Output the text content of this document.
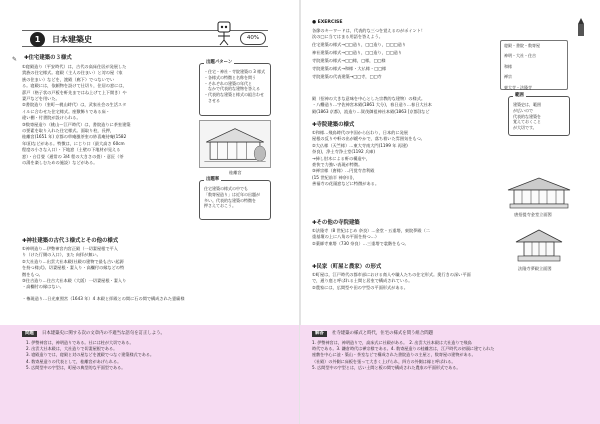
1	日本建築史	40%
✎ ✚住宅建築の３様式
①寝殿造り（平安時代）は，古代の高床住居が発展した
貴族の住宅様式。寝殿（主人の住まい）と対の屋（家
族の住まい）などを，渡殿（廊下）でつないでい
る。寝殿には，依頼物を設けて仕切り，住居の窓には，
蔀戸（格子状の戸板を軒先まではね上げて上下開き）や
妻戸などを用いた。
②書院造り（室町〜桃山時代）は，武家社会の生活スタ
イルに合わせた住宅様式。座敷飾りである床・
違い棚・付書院が設けられる。
③数寄屋造り（桃山〜江戸時代）は，書院造りに茶室建築
の要素を取り入れた住宅様式。面取り柱，長押，
桂離宮(1651 年) 京都の草庵風茶室の妙喜庵待庵(1582
年頃)などがある。特徴は，にじり口（最大高さ 60cm
程度の小さな入口）・下地窓（土壁の下地材が見える
窓）・台目畳（通常の 3/4 程の大きさの畳）・意匠（茶
の湯を楽しむための施設）などがある。
出題パターン
・住宅・神社・寺院建築の 3 様式
・各様式の特徴と名称を問う
・それぞれの建築の年代と
　なかで代表的な建物を答える
・代表的な建築と様式の組合わせ
　させる
桂離宮
出題率
住宅建築の様式の中でも
「数寄屋造り」は近年の出題が
多い。代表的な建築の特徴を
押さえておこう。
✚神社建築の古代３様式とその他の様式
①神明造り…伊勢神宮内宮正殿（一切妻屋根で平入
り（けた行側の入口），また 向拝が無い。
②大社造り…出雲大社本殿(社殿の建物で最も古い起源
を持つ様式)。切妻屋根・妻入り・高欄付の縁などの特
徴をもつ。
③住吉造り…住吉大社本殿（大阪）一切妻屋根・妻入り
・高欄付の縁はない。
・権現造り…日光東照宮（1643 年）4 本殿と拝殿との間に石の間で構成された霊廟様
問題	日本建築史に関する次の文章内の不適当な語句を訂正しよう。
1. 伊勢神宮は，神明造りである。社には柱が大切である。
2. 出雲大社本殿は，大社造りで切妻屋根である。
3. 寝殿造りでは，寝殿と対の屋などを渡殿でつなぐ建築様式である。
4. 数寄屋造りの代表として，桂離宮があげられる。
5. 広間型中の字型は，町屋の典型的な平面型である。
● EXERCISE
各節のキーワードは，代表的な三つを覚えるのがポイント！
次の□に当てはまる用語を答えよう。
住宅建築の様式→□□造り，□□造り，□□□造り
神社建築の様式→□□造り，□□造り，□□造り
寺院建築の様式→□□様，□様，□□様
寺院建築の様式→和様・大仏様・□□様
寺院建築の代表建築→□□寺，□□寺
寝殿・書院・数寄屋
神明・大社・住吉
和様
禅宗
東大寺・法隆寺
殿（招神の大きな意味を中心とした宗教的な建物）の様式。
・八幡造り…宇佐神宮本殿(1861 大分)，春日造り…春日大社本
殿(1863 京都)，流造り…賀茂御祖神社本殿(1863 [京都])など
範囲
建築史は，範囲
が広いので
代表的な建築を
覚えておくこと
が大切です。
✚寺院建築の様式
①和様…飛鳥時代の中国から伝わり，日本的に発展
屋根の反りや軒の出が緩やかで，落ち着いた雰囲気をもつ。
②大仏様（天竺様）…東大寺南大門(1199 年 再建)
奈良)，浄土寺浄土堂(1192 兵庫)
→挿し肘木による軒の構造や，
豪快で力強い表現が特徴。
③禅宗様（唐様）…円覚寺舎利殿
(15 世紀前半 神奈川)，
善福寺の花頭窓などに特徴がある。
唐招提寺金堂立面図
法隆寺夢殿立面図
✚その他の寺院建築
①法隆寺（8 世紀はじめ 奈良）…金堂・五重塔，東院夢殿（二
重基壇の上に八角の平面を持つ…）
②薬師寺東塔（730 奈良）…三重塔で裳階をもつ。
✚民家（町屋と農家）の形式
①町屋は，江戸時代の都市部における商人や職人たちの住宅形式。奥行きの深い平面
で，通り庭と呼ばれる土間と居室で構成されている。
②農家には，広間型や田の字型の平面形式がある。
解答	社寺建築の様式と時代，住宅の様式を問う組合問題
1. 伊勢神宮は，神明造りで，高床式に社殿がある。　2. 出雲大社本殿は大社造りで飛鳥
時代である。3. 鎌倉時代は禅宗様である。4. 数寄屋造りの桂離宮は，江戸時代の初頭に建てられた
座敷を中心に池・築山・茶室などで構成された書院造りの主屋と，数寄屋の建物がある。
（社殿）の外側に床板を張って大きく上げられ，四方の外側は縁と呼ばれる。
5. 広間型中の字型とは，広い土間と板の間で構成された農家の平面形式である。
